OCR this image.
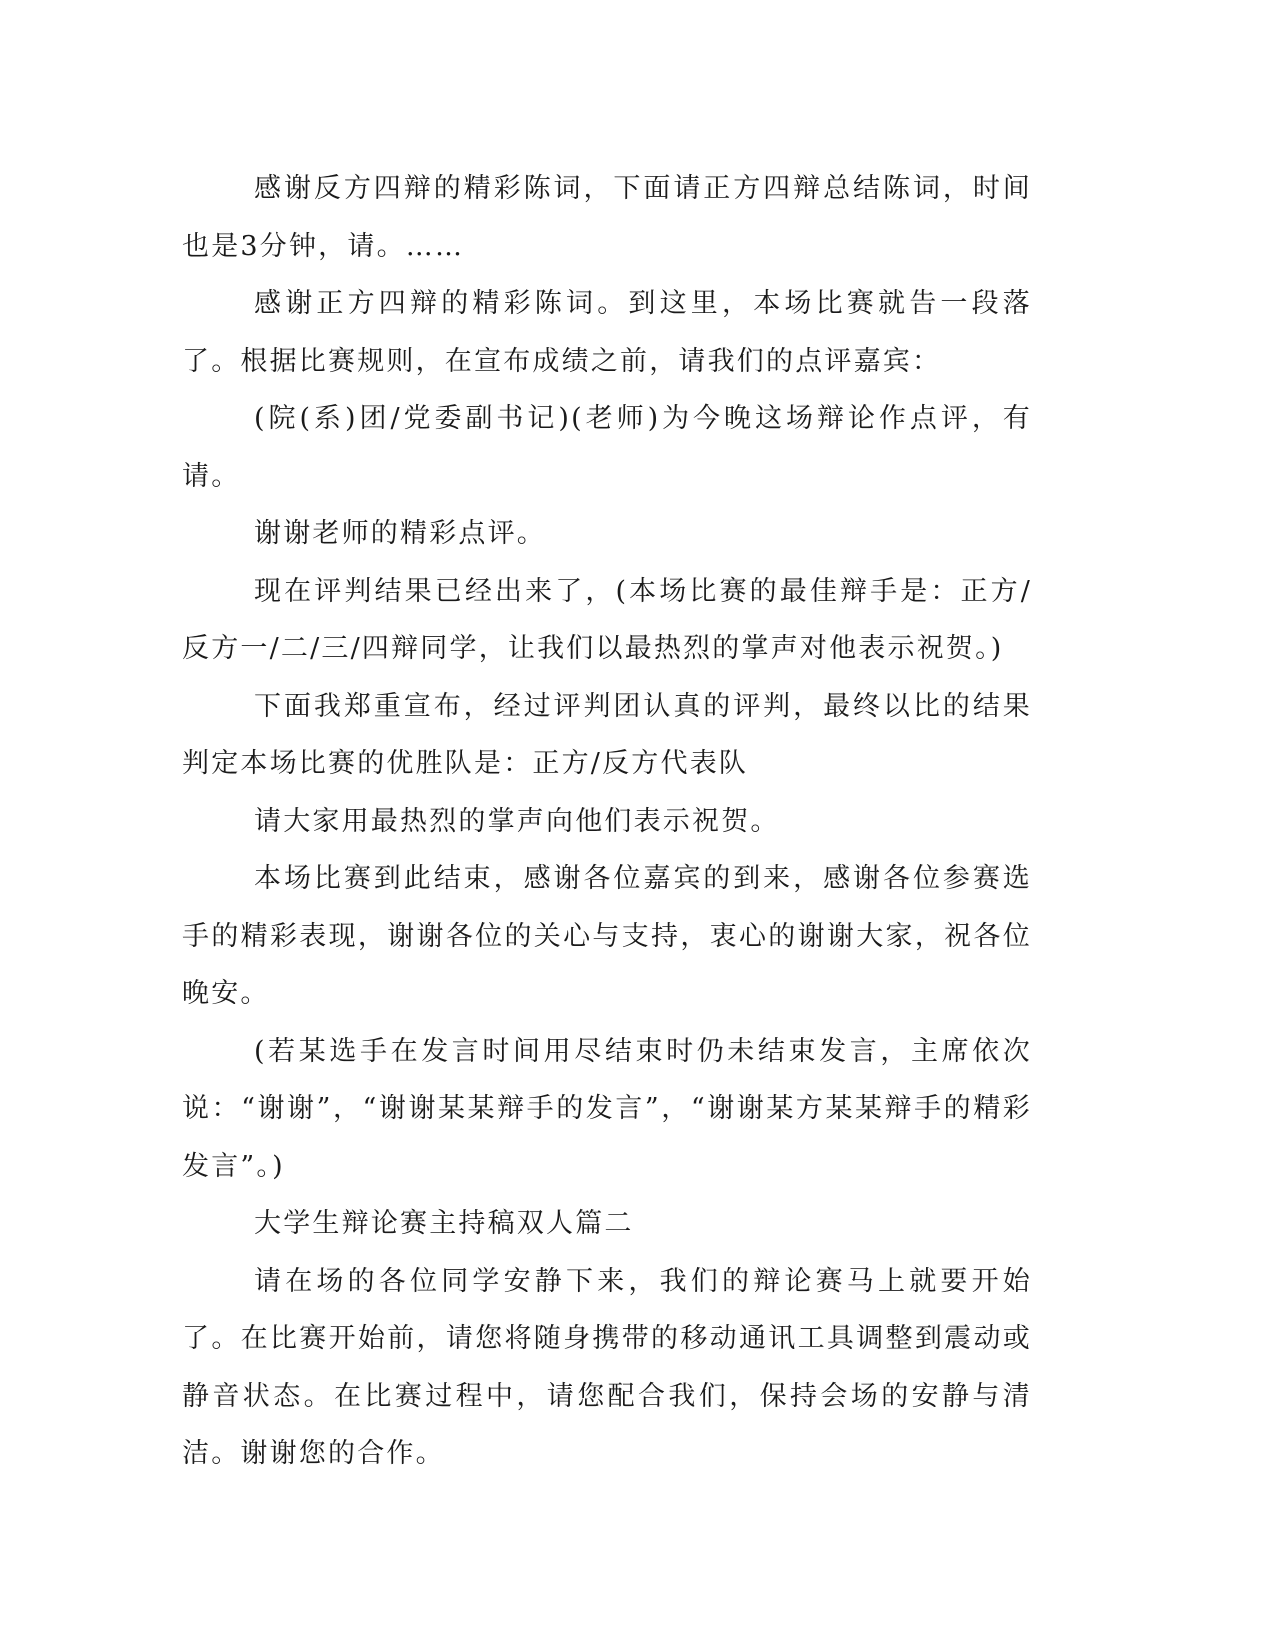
感谢反方四辩的精彩陈词，下面请正方四辩总结陈词，时间也是3分钟，请。……

感谢正方四辩的精彩陈词。到这里，本场比赛就告一段落了。根据比赛规则，在宣布成绩之前，请我们的点评嘉宾：

(院(系)团/党委副书记)(老师)为今晚这场辩论作点评，有请。

谢谢老师的精彩点评。

现在评判结果已经出来了，(本场比赛的最佳辩手是：正方/反方一/二/三/四辩同学，让我们以最热烈的掌声对他表示祝贺。)

下面我郑重宣布，经过评判团认真的评判，最终以比的结果判定本场比赛的优胜队是：正方/反方代表队

请大家用最热烈的掌声向他们表示祝贺。

本场比赛到此结束，感谢各位嘉宾的到来，感谢各位参赛选手的精彩表现，谢谢各位的关心与支持，衷心的谢谢大家，祝各位晚安。

(若某选手在发言时间用尽结束时仍未结束发言，主席依次说：“谢谢”，“谢谢某某辩手的发言”，“谢谢某方某某辩手的精彩发言”。)

大学生辩论赛主持稿双人篇二

请在场的各位同学安静下来，我们的辩论赛马上就要开始了。在比赛开始前，请您将随身携带的移动通讯工具调整到震动或静音状态。在比赛过程中，请您配合我们，保持会场的安静与清洁。谢谢您的合作。
